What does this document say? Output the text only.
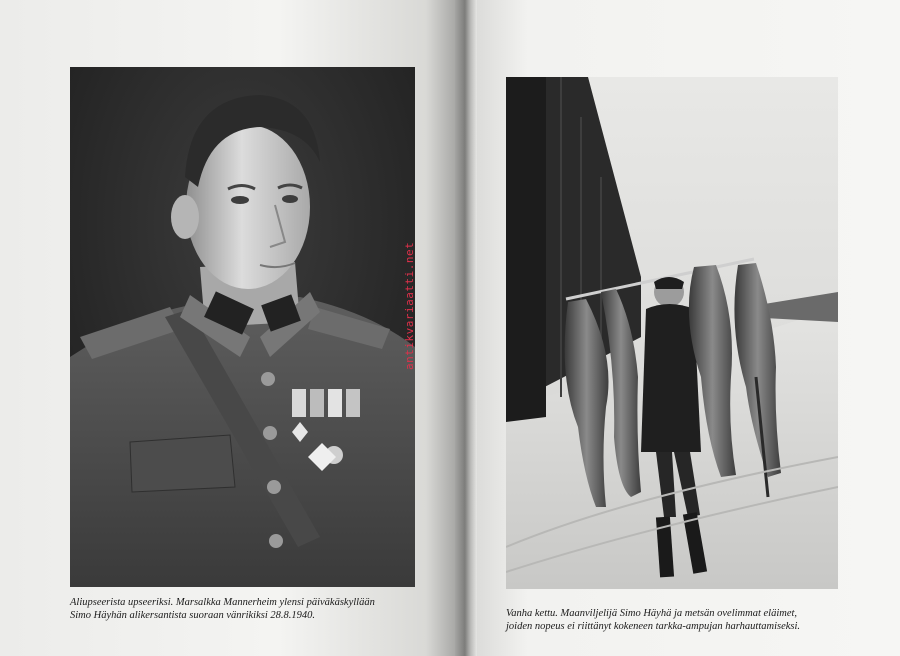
antikvariaatti.net
Aliupseerista upseeriksi. Marsalkka Mannerheim ylensi päiväkäskyllään
Simo Häyhän alikersantista suoraan vänrikiksi 28.8.1940.	Vanha kettu. Maanviljelijä Simo Häyhä ja metsän ovelimmat eläimet,
joiden nopeus ei riittänyt kokeneen tarkka-ampujan harhauttamiseksi.
